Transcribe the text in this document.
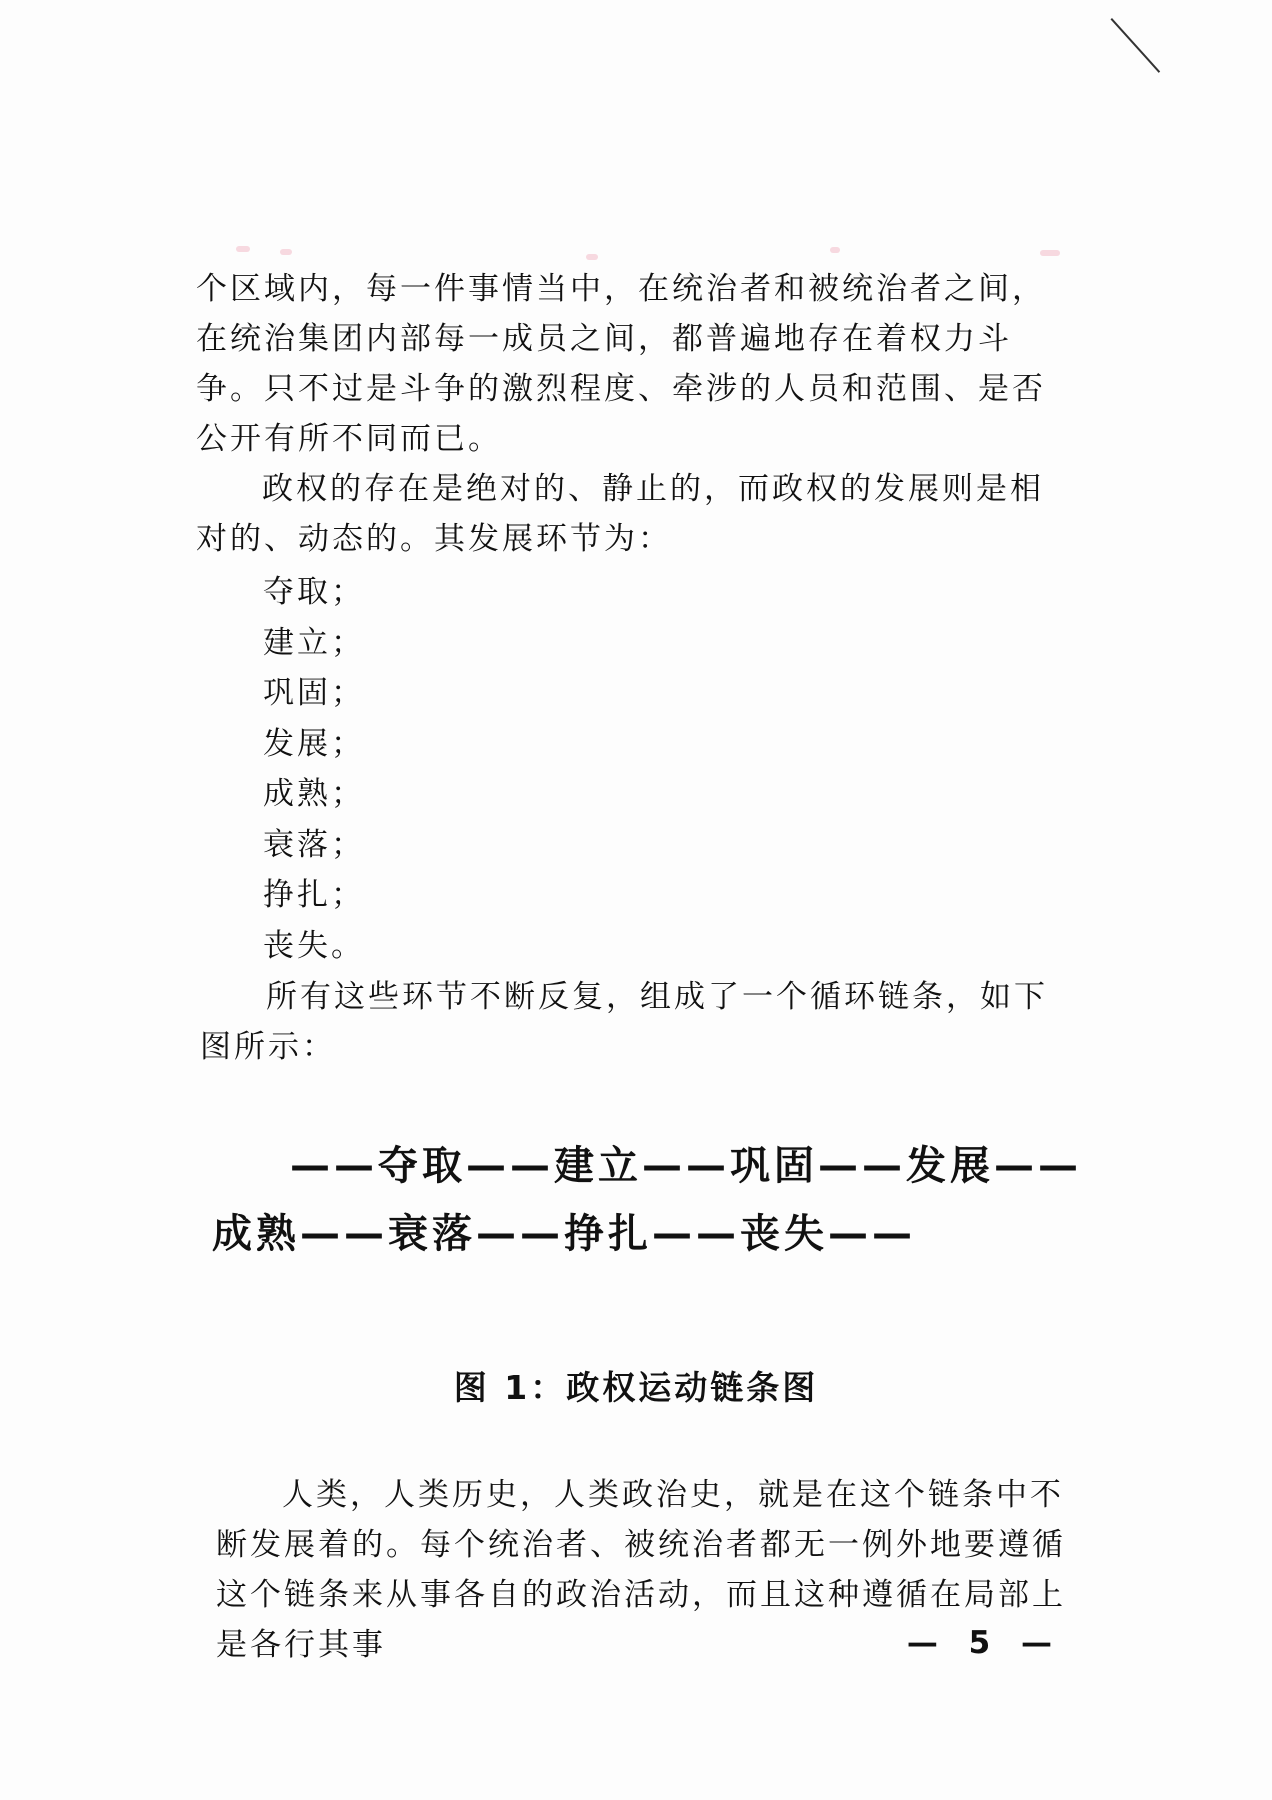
个区域内，每一件事情当中，在统治者和被统治者之间，在统治集团内部每一成员之间，都普遍地存在着权力斗争。只不过是斗争的激烈程度、牵涉的人员和范围、是否公开有所不同而已。

政权的存在是绝对的、静止的，而政权的发展则是相对的、动态的。其发展环节为：

夺取；
建立；
巩固；
发展；
成熟；
衰落；
挣扎；
丧失。

所有这些环节不断反复，组成了一个循环链条，如下图所示：

——夺取——建立——巩固——发展——
成熟——衰落——挣扎——丧失——
图 1：政权运动链条图

人类，人类历史，人类政治史，就是在这个链条中不断发展着的。每个统治者、被统治者都无一例外地要遵循这个链条来从事各自的政治活动，而且这种遵循在局部上是各行其事	— 5 —
